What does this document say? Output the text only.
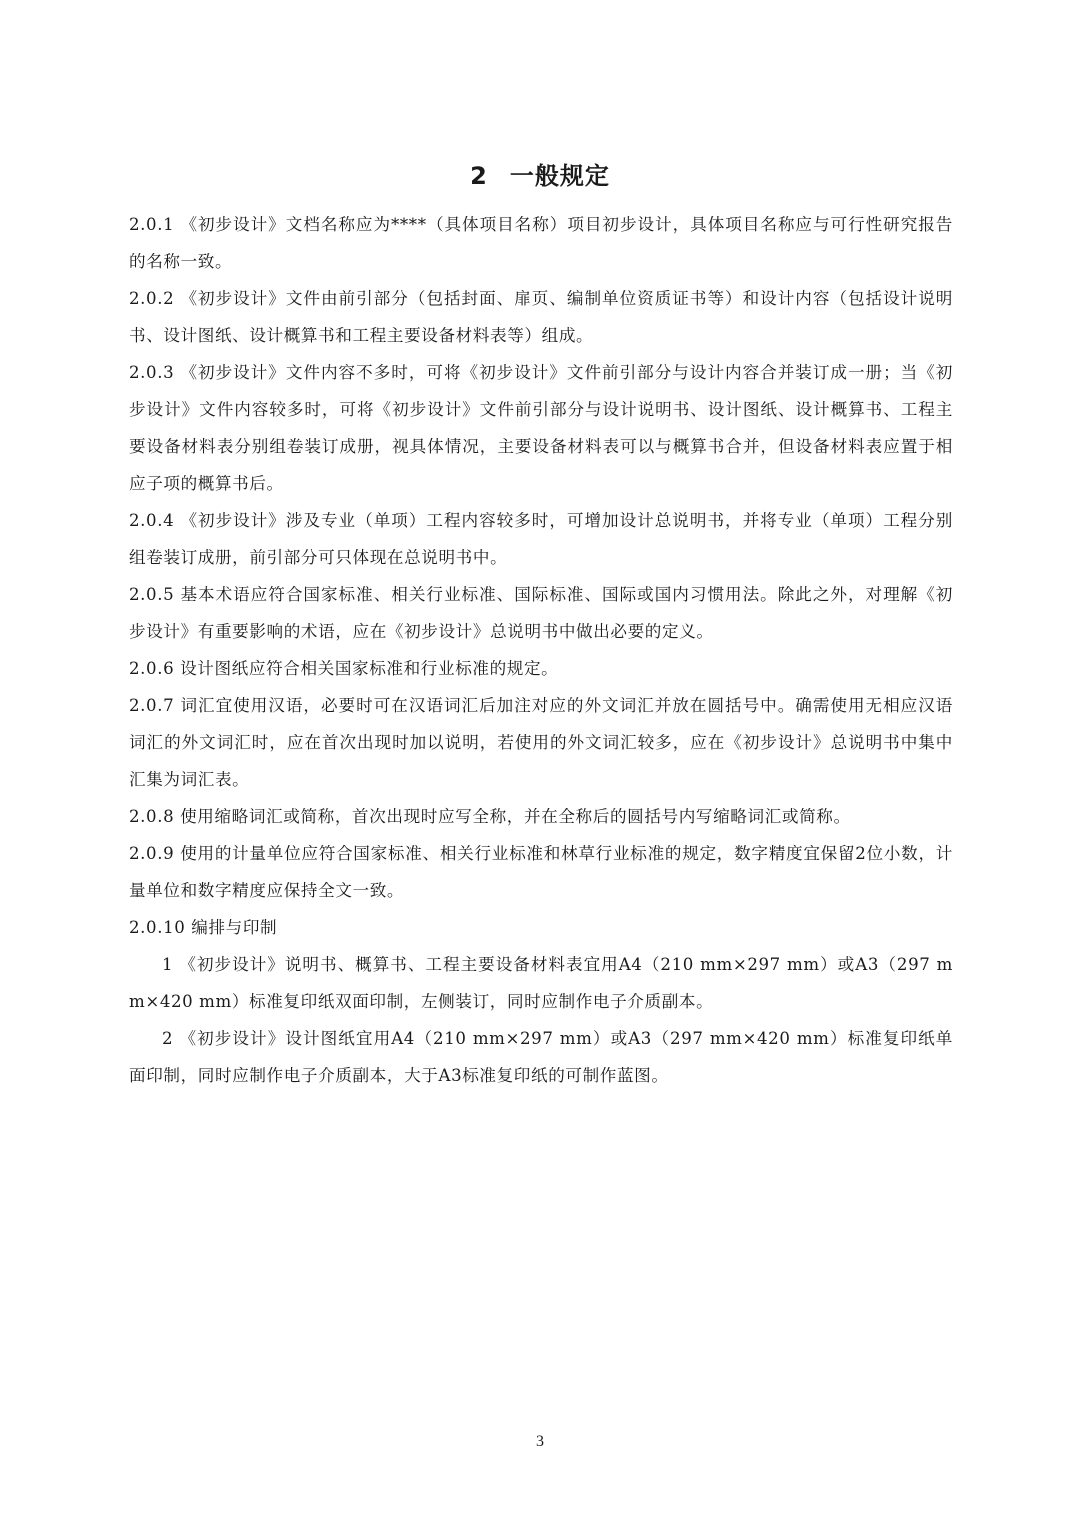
2 一般规定

2.0.1 《初步设计》文档名称应为****（具体项目名称）项目初步设计，具体项目名称应与可行性研究报告的名称一致。

2.0.2 《初步设计》文件由前引部分（包括封面、扉页、编制单位资质证书等）和设计内容（包括设计说明书、设计图纸、设计概算书和工程主要设备材料表等）组成。

2.0.3 《初步设计》文件内容不多时，可将《初步设计》文件前引部分与设计内容合并装订成一册；当《初步设计》文件内容较多时，可将《初步设计》文件前引部分与设计说明书、设计图纸、设计概算书、工程主要设备材料表分别组卷装订成册，视具体情况，主要设备材料表可以与概算书合并，但设备材料表应置于相应子项的概算书后。

2.0.4 《初步设计》涉及专业（单项）工程内容较多时，可增加设计总说明书，并将专业（单项）工程分别组卷装订成册，前引部分可只体现在总说明书中。

2.0.5 基本术语应符合国家标准、相关行业标准、国际标准、国际或国内习惯用法。除此之外，对理解《初步设计》有重要影响的术语，应在《初步设计》总说明书中做出必要的定义。

2.0.6 设计图纸应符合相关国家标准和行业标准的规定。

2.0.7 词汇宜使用汉语，必要时可在汉语词汇后加注对应的外文词汇并放在圆括号中。确需使用无相应汉语词汇的外文词汇时，应在首次出现时加以说明，若使用的外文词汇较多，应在《初步设计》总说明书中集中汇集为词汇表。

2.0.8 使用缩略词汇或简称，首次出现时应写全称，并在全称后的圆括号内写缩略词汇或简称。

2.0.9 使用的计量单位应符合国家标准、相关行业标准和林草行业标准的规定，数字精度宜保留2位小数，计量单位和数字精度应保持全文一致。

2.0.10 编排与印制

1 《初步设计》说明书、概算书、工程主要设备材料表宜用A4（210 mm×297 mm）或A3（297 mm×420 mm）标准复印纸双面印制，左侧装订，同时应制作电子介质副本。

2 《初步设计》设计图纸宜用A4（210 mm×297 mm）或A3（297 mm×420 mm）标准复印纸单面印制，同时应制作电子介质副本，大于A3标准复印纸的可制作蓝图。

3
